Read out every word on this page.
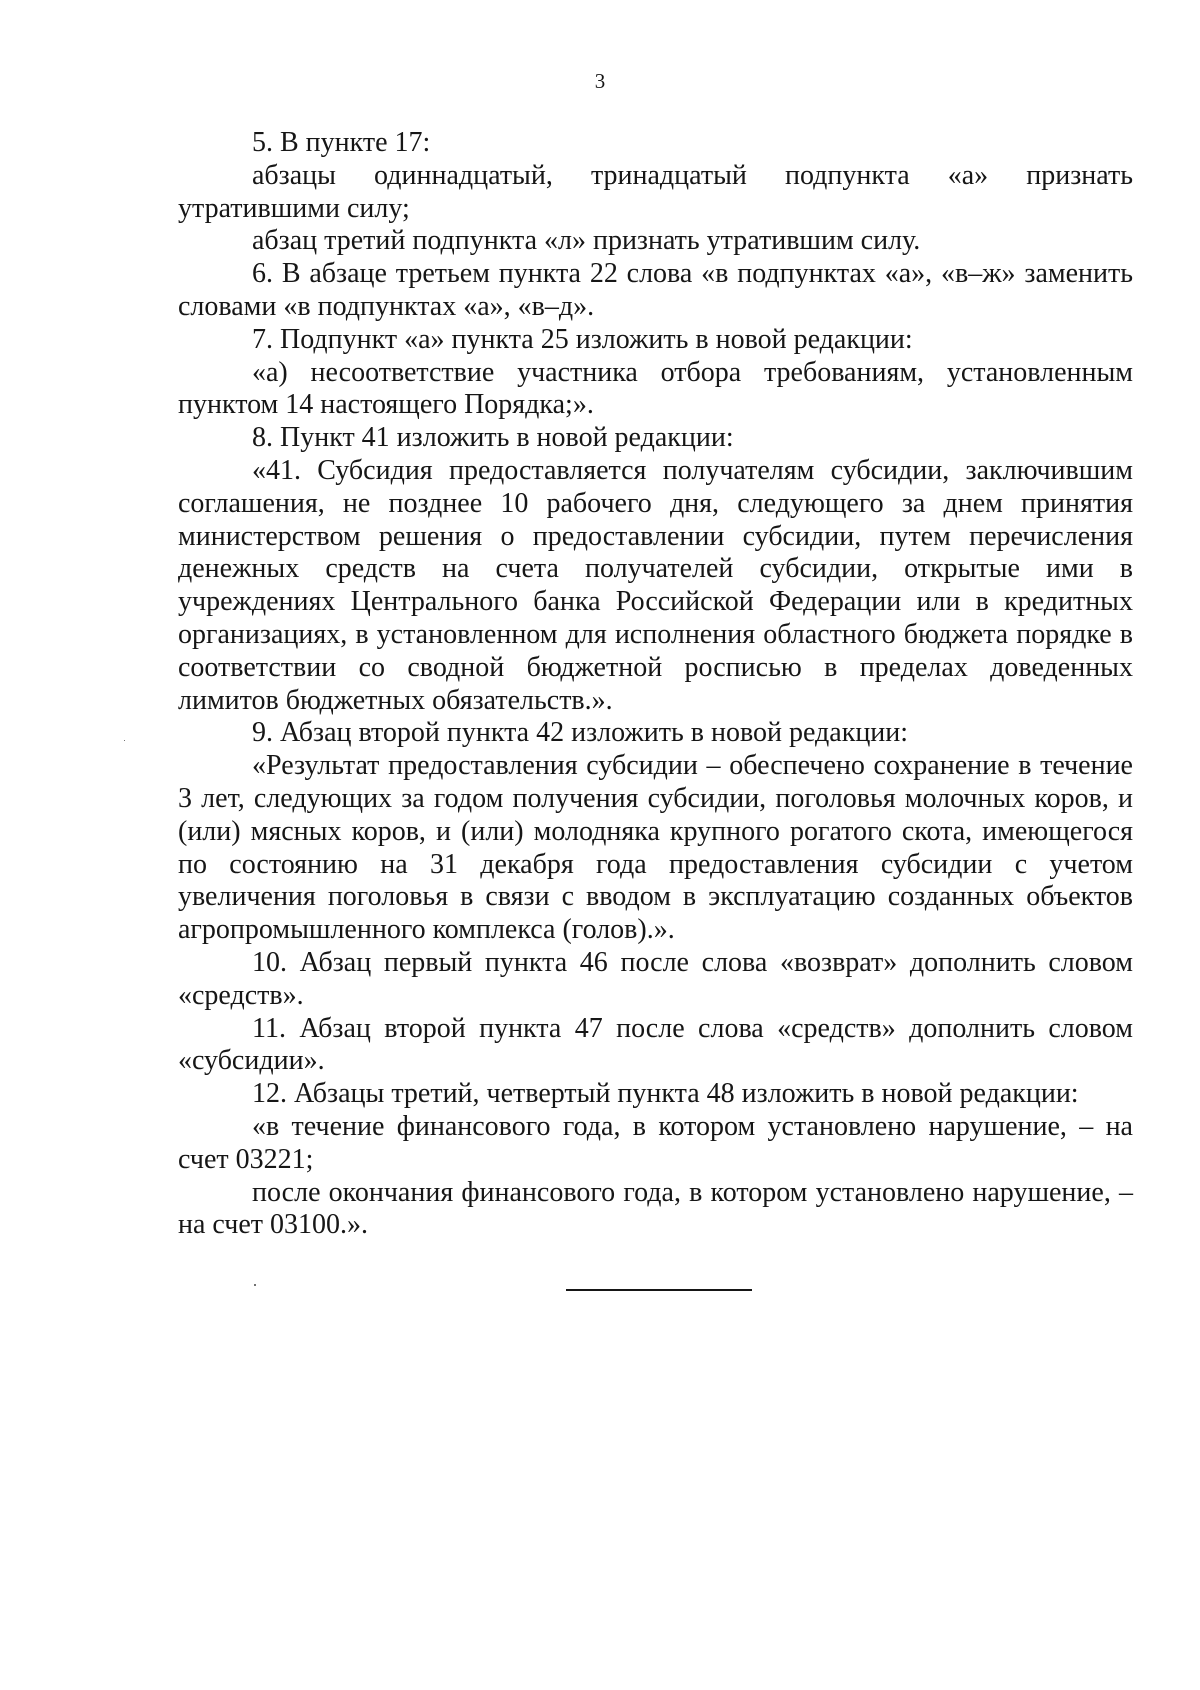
3

5. В пункте 17:

абзацы одиннадцатый, тринадцатый подпункта «а» признать утратившими силу;

абзац третий подпункта «л» признать утратившим силу.

6. В абзаце третьем пункта 22 слова «в подпунктах «а», «в–ж» заменить словами «в подпунктах «а», «в–д».

7. Подпункт «а» пункта 25 изложить в новой редакции:

«а) несоответствие участника отбора требованиям, установленным пунктом 14 настоящего Порядка;».

8. Пункт 41 изложить в новой редакции:

«41. Субсидия предоставляется получателям субсидии, заключившим соглашения, не позднее 10 рабочего дня, следующего за днем принятия министерством решения о предоставлении субсидии, путем перечисления денежных средств на счета получателей субсидии, открытые ими в учреждениях Центрального банка Российской Федерации или в кредитных организациях, в установленном для исполнения областного бюджета порядке в соответствии со сводной бюджетной росписью в пределах доведенных лимитов бюджетных обязательств.».

9. Абзац второй пункта 42 изложить в новой редакции:

«Результат предоставления субсидии – обеспечено сохранение в течение 3 лет, следующих за годом получения субсидии, поголовья молочных коров, и (или) мясных коров, и (или) молодняка крупного рогатого скота, имеющегося по состоянию на 31 декабря года предоставления субсидии с учетом увеличения поголовья в связи с вводом в эксплуатацию созданных объектов агропромышленного комплекса (голов).».

10. Абзац первый пункта 46 после слова «возврат» дополнить словом «средств».

11. Абзац второй пункта 47 после слова «средств» дополнить словом «субсидии».

12. Абзацы третий, четвертый пункта 48 изложить в новой редакции:

«в течение финансового года, в котором установлено нарушение, – на счет 03221;

после окончания финансового года, в котором установлено нарушение, – на счет 03100.».
